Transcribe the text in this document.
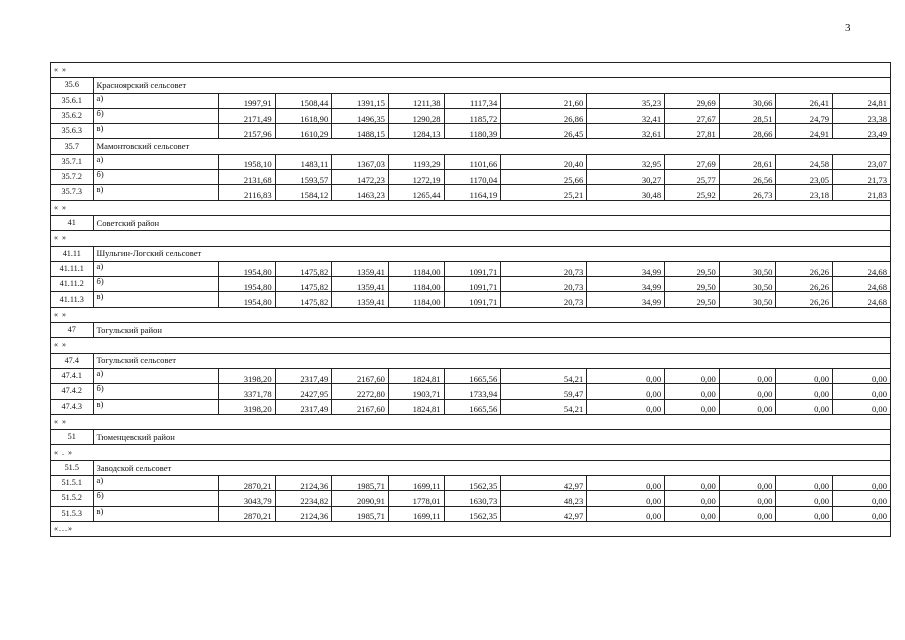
3
« »												
35.6	Красноярский сельсовет											
35.6.1	а)	1997,91	1508,44	1391,15	1211,38	1117,34	21,60	35,23	29,69	30,66	26,41	24,81
35.6.2	б)	2171,49	1618,90	1496,35	1290,28	1185,72	26,86	32,41	27,67	28,51	24,79	23,38
35.6.3	в)	2157,96	1610,29	1488,15	1284,13	1180,39	26,45	32,61	27,81	28,66	24,91	23,49
35.7	Мамонтовский сельсовет											
35.7.1	а)	1958,10	1483,11	1367,03	1193,29	1101,66	20,40	32,95	27,69	28,61	24,58	23,07
35.7.2	б)	2131,68	1593,57	1472,23	1272,19	1170,04	25,66	30,27	25,77	26,56	23,05	21,73
35.7.3	в)	2116,83	1584,12	1463,23	1265,44	1164,19	25,21	30,48	25,92	26,73	23,18	21,83
« »												
41	Советский район											
« »												
41.11	Шульгин-Логский сельсовет											
41.11.1	а)	1954,80	1475,82	1359,41	1184,00	1091,71	20,73	34,99	29,50	30,50	26,26	24,68
41.11.2	б)	1954,80	1475,82	1359,41	1184,00	1091,71	20,73	34,99	29,50	30,50	26,26	24,68
41.11.3	в)	1954,80	1475,82	1359,41	1184,00	1091,71	20,73	34,99	29,50	30,50	26,26	24,68
« »												
47	Тогульский район											
« »												
47.4	Тогульский сельсовет											
47.4.1	а)	3198,20	2317,49	2167,60	1824,81	1665,56	54,21	0,00	0,00	0,00	0,00	0,00
47.4.2	б)	3371,78	2427,95	2272,80	1903,71	1733,94	59,47	0,00	0,00	0,00	0,00	0,00
47.4.3	в)	3198,20	2317,49	2167,60	1824,81	1665,56	54,21	0,00	0,00	0,00	0,00	0,00
« »												
51	Тюменцевский район											
« . »												
51.5	Заводской сельсовет											
51.5.1	а)	2870,21	2124,36	1985,71	1699,11	1562,35	42,97	0,00	0,00	0,00	0,00	0,00
51.5.2	б)	3043,79	2234,82	2090,91	1778,01	1630,73	48,23	0,00	0,00	0,00	0,00	0,00
51.5.3	в)	2870,21	2124,36	1985,71	1699,11	1562,35	42,97	0,00	0,00	0,00	0,00	0,00
«...»												
